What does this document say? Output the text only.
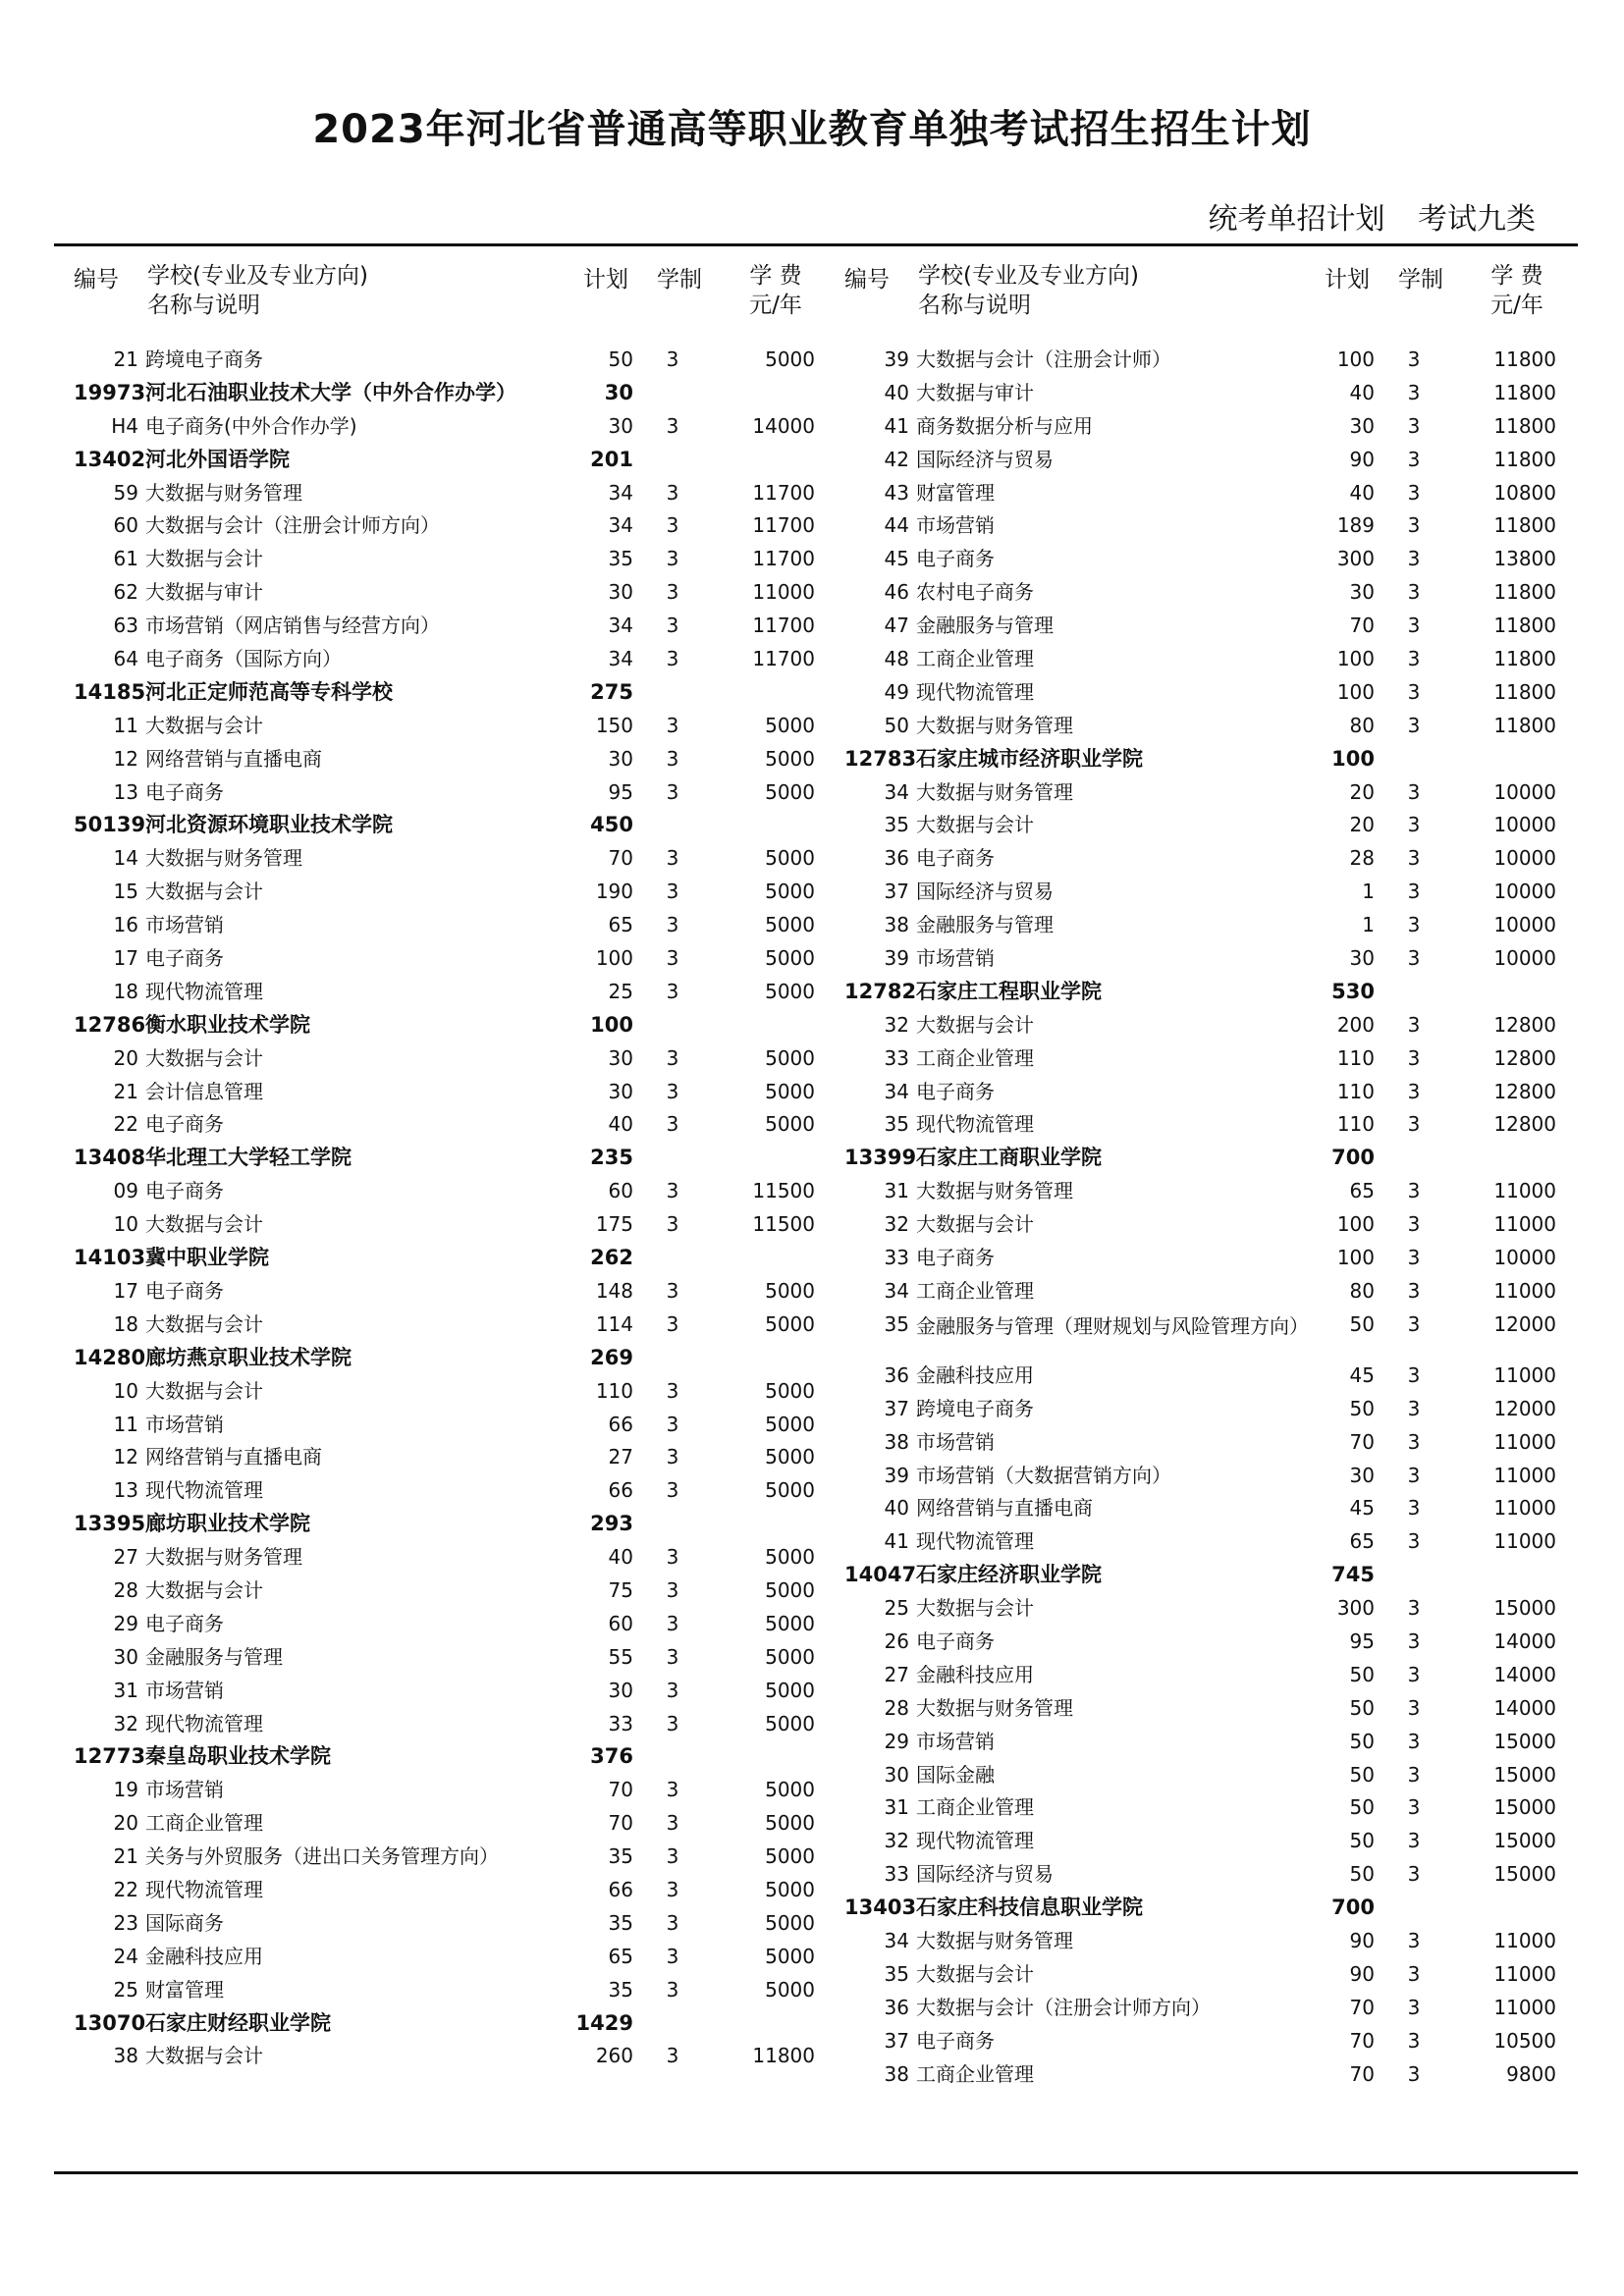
2023年河北省普通高等职业教育单独考试招生招生计划
统考单招计划 考试九类
编号 学校(专业及专业方向)
名称与说明
计划 学制	学 费
元/年
21 跨境电子商务	50	3	5000
19973 河北石油职业技术大学（中外合作办学）	30
H4 电子商务(中外合作办学)	30	3	14000
13402 河北外国语学院	201
59 大数据与财务管理	34	3	11700
60 大数据与会计（注册会计师方向）	34	3	11700
61 大数据与会计	35	3	11700
62 大数据与审计	30	3	11000
63 市场营销（网店销售与经营方向）	34	3	11700
64 电子商务（国际方向）	34	3	11700
14185 河北正定师范高等专科学校	275
11 大数据与会计	150	3	5000
12 网络营销与直播电商	30	3	5000
13 电子商务	95	3	5000
50139 河北资源环境职业技术学院	450
14 大数据与财务管理	70	3	5000
15 大数据与会计	190	3	5000
16 市场营销	65	3	5000
17 电子商务	100	3	5000
18 现代物流管理	25	3	5000
12786 衡水职业技术学院	100
20 大数据与会计	30	3	5000
21 会计信息管理	30	3	5000
22 电子商务	40	3	5000
13408 华北理工大学轻工学院	235
09 电子商务	60	3	11500
10 大数据与会计	175	3	11500
14103 冀中职业学院	262
17 电子商务	148	3	5000
18 大数据与会计	114	3	5000
14280 廊坊燕京职业技术学院	269
10 大数据与会计	110	3	5000
11 市场营销	66	3	5000
12 网络营销与直播电商	27	3	5000
13 现代物流管理	66	3	5000
13395 廊坊职业技术学院	293
27 大数据与财务管理	40	3	5000
28 大数据与会计	75	3	5000
29 电子商务	60	3	5000
30 金融服务与管理	55	3	5000
31 市场营销	30	3	5000
32 现代物流管理	33	3	5000
12773 秦皇岛职业技术学院	376
19 市场营销	70	3	5000
20 工商企业管理	70	3	5000
21 关务与外贸服务（进出口关务管理方向）	35	3	5000
22 现代物流管理	66	3	5000
23 国际商务	35	3	5000
24 金融科技应用	65	3	5000
25 财富管理	35	3	5000
13070 石家庄财经职业学院	1429
38 大数据与会计	260	3	11800
编号 学校(专业及专业方向)
名称与说明
计划 学制	学 费
元/年
39 大数据与会计（注册会计师）	100	3	11800
40 大数据与审计	40	3	11800
41 商务数据分析与应用	30	3	11800
42 国际经济与贸易	90	3	11800
43 财富管理	40	3	10800
44 市场营销	189	3	11800
45 电子商务	300	3	13800
46 农村电子商务	30	3	11800
47 金融服务与管理	70	3	11800
48 工商企业管理	100	3	11800
49 现代物流管理	100	3	11800
50 大数据与财务管理	80	3	11800
12783 石家庄城市经济职业学院	100
34 大数据与财务管理	20	3	10000
35 大数据与会计	20	3	10000
36 电子商务	28	3	10000
37 国际经济与贸易	1	3	10000
38 金融服务与管理	1	3	10000
39 市场营销	30	3	10000
12782 石家庄工程职业学院	530
32 大数据与会计	200	3	12800
33 工商企业管理	110	3	12800
34 电子商务	110	3	12800
35 现代物流管理	110	3	12800
13399 石家庄工商职业学院	700
31 大数据与财务管理	65	3	11000
32 大数据与会计	100	3	11000
33 电子商务	100	3	10000
34 工商企业管理	80	3	11000
35 金融服务与管理（理财规划与风险管理方向）	50	3	12000
36 金融科技应用	45	3	11000
37 跨境电子商务	50	3	12000
38 市场营销	70	3	11000
39 市场营销（大数据营销方向）	30	3	11000
40 网络营销与直播电商	45	3	11000
41 现代物流管理	65	3	11000
14047 石家庄经济职业学院	745
25 大数据与会计	300	3	15000
26 电子商务	95	3	14000
27 金融科技应用	50	3	14000
28 大数据与财务管理	50	3	14000
29 市场营销	50	3	15000
30 国际金融	50	3	15000
31 工商企业管理	50	3	15000
32 现代物流管理	50	3	15000
33 国际经济与贸易	50	3	15000
13403 石家庄科技信息职业学院	700
34 大数据与财务管理	90	3	11000
35 大数据与会计	90	3	11000
36 大数据与会计（注册会计师方向）	70	3	11000
37 电子商务	70	3	10500
38 工商企业管理	70	3	9800
